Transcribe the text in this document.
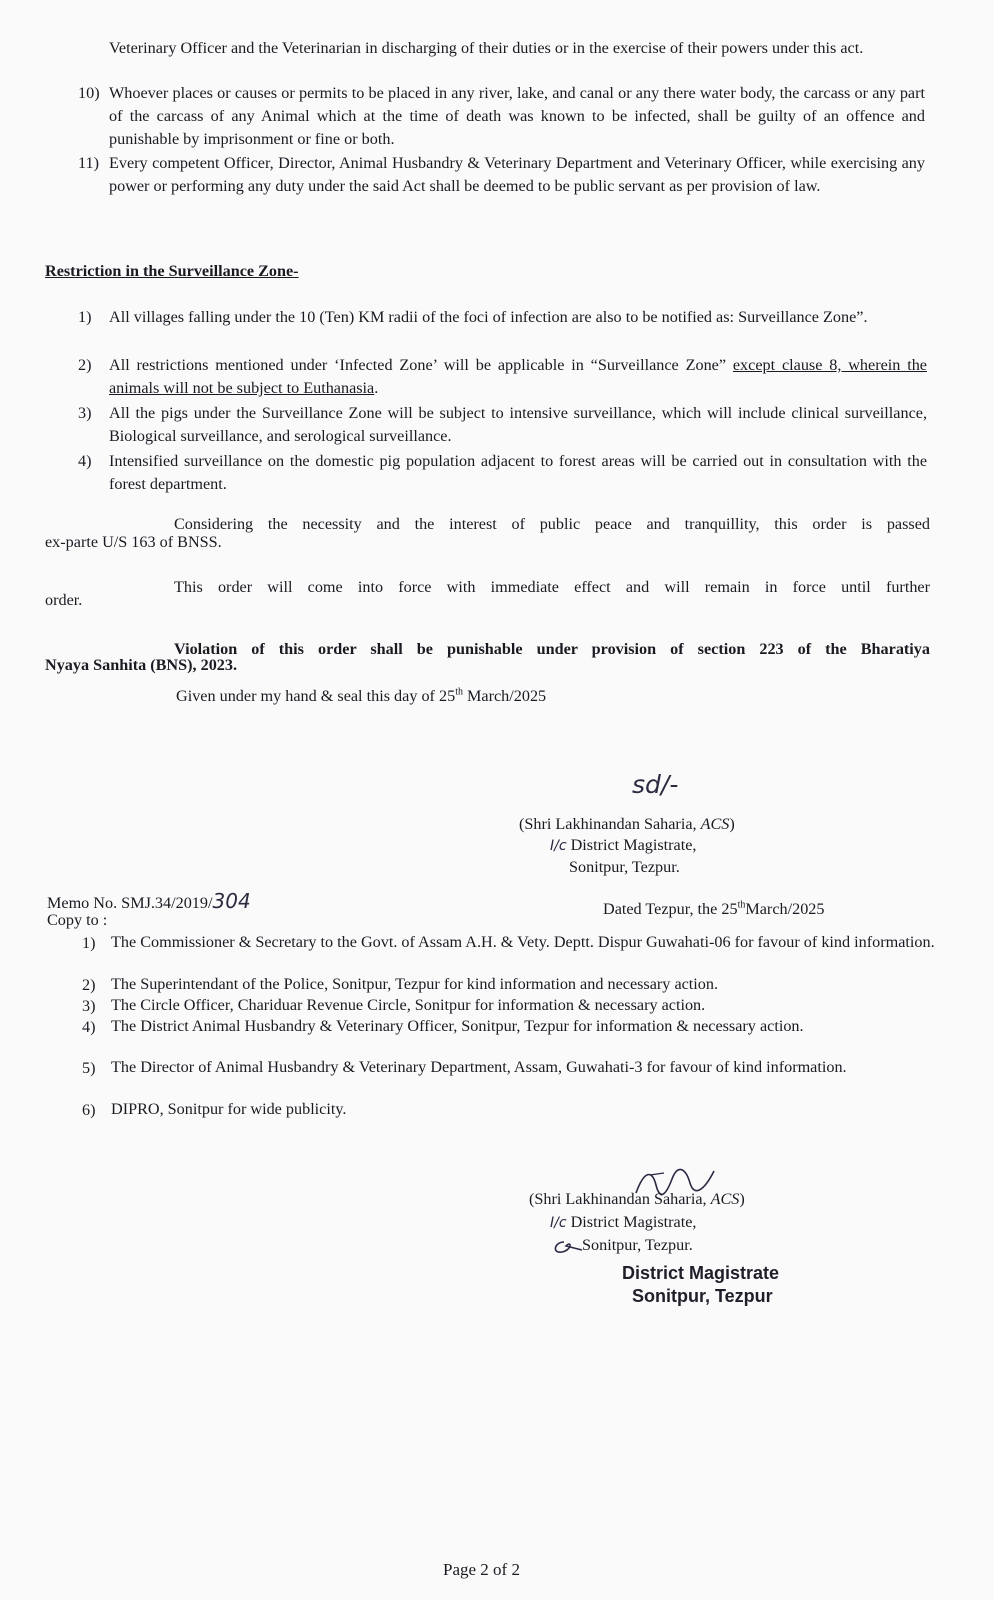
Veterinary Officer and the Veterinarian in discharging of their duties or in the exercise of their powers under this act.

10) Whoever places or causes or permits to be placed in any river, lake, and canal or any there water body, the carcass or any part of the carcass of any Animal which at the time of death was known to be infected, shall be guilty of an offence and punishable by imprisonment or fine or both.

11) Every competent Officer, Director, Animal Husbandry & Veterinary Department and Veterinary Officer, while exercising any power or performing any duty under the said Act shall be deemed to be public servant as per provision of law.

Restriction in the Surveillance Zone-

1) All villages falling under the 10 (Ten) KM radii of the foci of infection are also to be notified as: Surveillance Zone”.

2) All restrictions mentioned under ‘Infected Zone’ will be applicable in “Surveillance Zone” except clause 8, wherein the animals will not be subject to Euthanasia.

3) All the pigs under the Surveillance Zone will be subject to intensive surveillance, which will include clinical surveillance, Biological surveillance, and serological surveillance.

4) Intensified surveillance on the domestic pig population adjacent to forest areas will be carried out in consultation with the forest department.

Considering the necessity and the interest of public peace and tranquillity, this order is passed

ex-parte U/S 163 of BNSS.

This order will come into force with immediate effect and will remain in force until further

order.

Violation of this order shall be punishable under provision of section 223 of the Bharatiya

Nyaya Sanhita (BNS), 2023.

Given under my hand & seal this day of 25th March/2025

sd/-

(Shri Lakhinandan Saharia, ACS)

I/c District Magistrate,

Sonitpur, Tezpur.

Memo No. SMJ.34/2019/304	Dated Tezpur, the 25thMarch/2025

Copy to :

1) The Commissioner & Secretary to the Govt. of Assam A.H. & Vety. Deptt. Dispur Guwahati-06 for favour of kind information.

2) The Superintendant of the Police, Sonitpur, Tezpur for kind information and necessary action.

3) The Circle Officer, Chariduar Revenue Circle, Sonitpur for information & necessary action.

4) The District Animal Husbandry & Veterinary Officer, Sonitpur, Tezpur for information & necessary action.

5) The Director of Animal Husbandry & Veterinary Department, Assam, Guwahati-3 for favour of kind information.

6) DIPRO, Sonitpur for wide publicity.

(Shri Lakhinandan Saharia, ACS)

I/c District Magistrate,

Sonitpur, Tezpur.

District Magistrate
Sonitpur, Tezpur

Page 2 of 2
